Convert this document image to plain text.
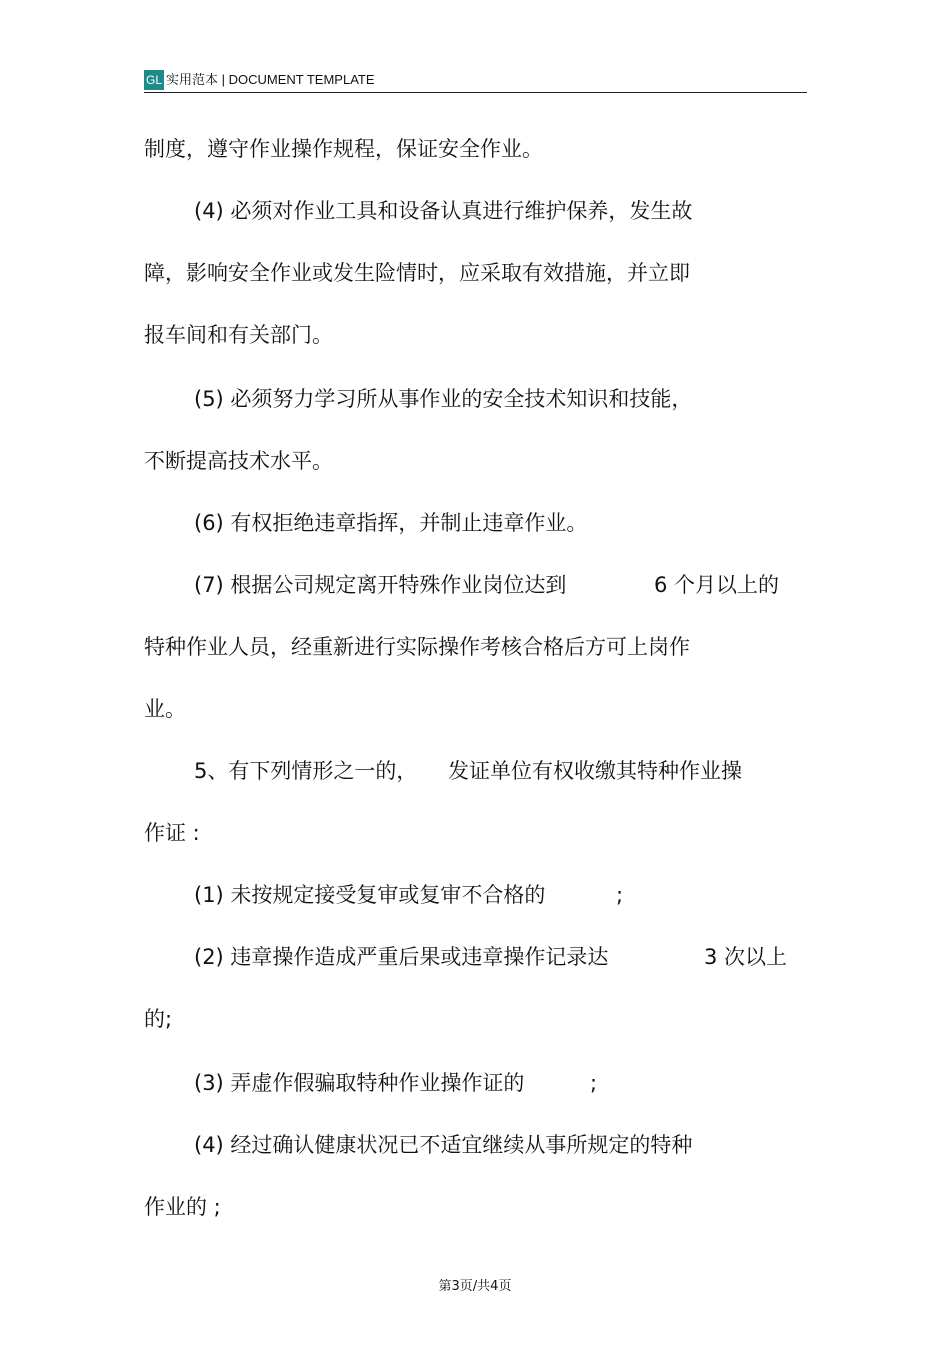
GL 实用范本 | DOCUMENT TEMPLATE
制度，遵守作业操作规程，保证安全作业。
(4) 必须对作业工具和设备认真进行维护保养，发生故
障，影响安全作业或发生险情时，应采取有效措施，并立即
报车间和有关部门。
(5) 必须努力学习所从事作业的安全技术知识和技能，
不断提高技术水平。
(6) 有权拒绝违章指挥，并制止违章作业。
(7) 根据公司规定离开特殊作业岗位达到	6 个月以上的
特种作业人员，经重新进行实际操作考核合格后方可上岗作
业。
5、有下列情形之一的， 发证单位有权收缴其特种作业操
作证 :
(1) 未按规定接受复审或复审不合格的	;
(2) 违章操作造成严重后果或违章操作记录达	3 次以上
的;
(3) 弄虚作假骗取特种作业操作证的	;
(4) 经过确认健康状况已不适宜继续从事所规定的特种
作业的 ;
第3页/共4页
